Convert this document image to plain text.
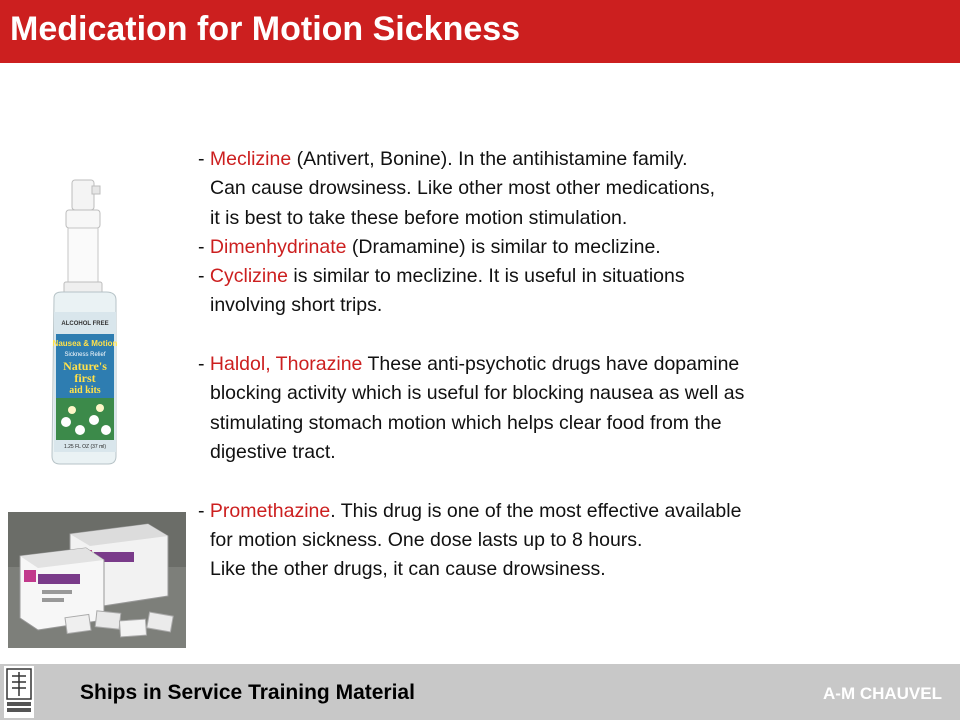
Medication for Motion Sickness
ALCOHOL FREE
Nausea & Motion
Sickness Relief
Nature's
first
aid kits
1.25 FL OZ (37 ml)
- Meclizine (Antivert, Bonine). In the antihistamine family.
Can cause drowsiness. Like other most other medications,
it is best to take these before motion stimulation.
- Dimenhydrinate (Dramamine) is similar to meclizine.
- Cyclizine is similar to meclizine. It is useful in situations
involving short trips.
- Haldol, Thorazine These anti-psychotic drugs have dopamine
blocking activity which is useful for blocking nausea as well as
stimulating stomach motion which helps clear food from the
digestive tract.
- Promethazine. This drug is one of the most effective available
for motion sickness. One dose lasts up to 8 hours.
Like the other drugs, it can cause drowsiness.
Ships in Service Training Material	A-M CHAUVEL
